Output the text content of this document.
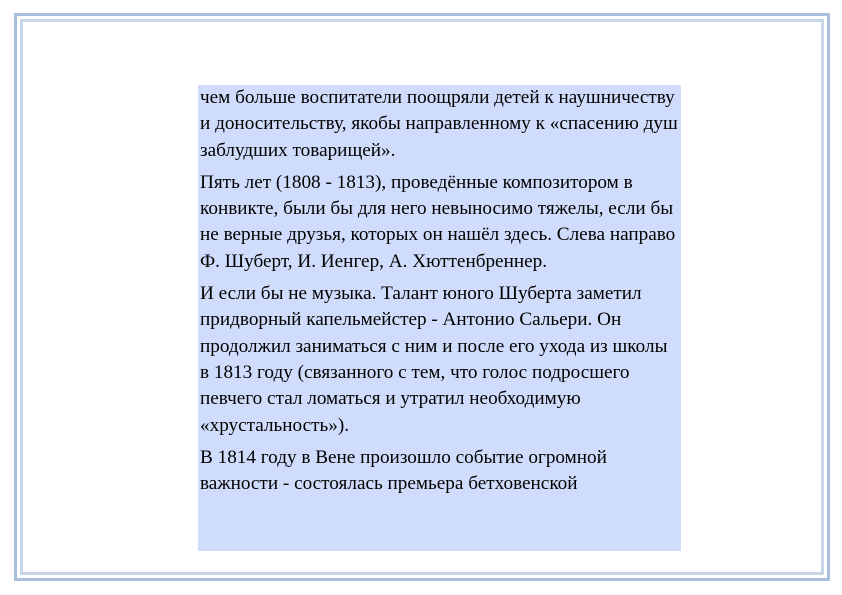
чем больше воспитатели поощряли детей к наушничеству и доносительству, якобы направленному к «спасению душ заблудших товарищей».

Пять лет (1808 - 1813), проведённые композитором в конвикте, были бы для него невыносимо тяжелы, если бы не верные друзья, которых он нашёл здесь. Слева направо Ф. Шуберт, И. Иенгер, А. Хюттенбреннер.

И если бы не музыка. Талант юного Шуберта заметил придворный капельмейстер - Антонио Сальери. Он продолжил заниматься с ним и после его ухода из школы в 1813 году (связанного с тем, что голос подросшего певчего стал ломаться и утратил необходимую «хрустальность»).

В 1814 году в Вене произошло событие огромной важности - состоялась премьера бетховенской
